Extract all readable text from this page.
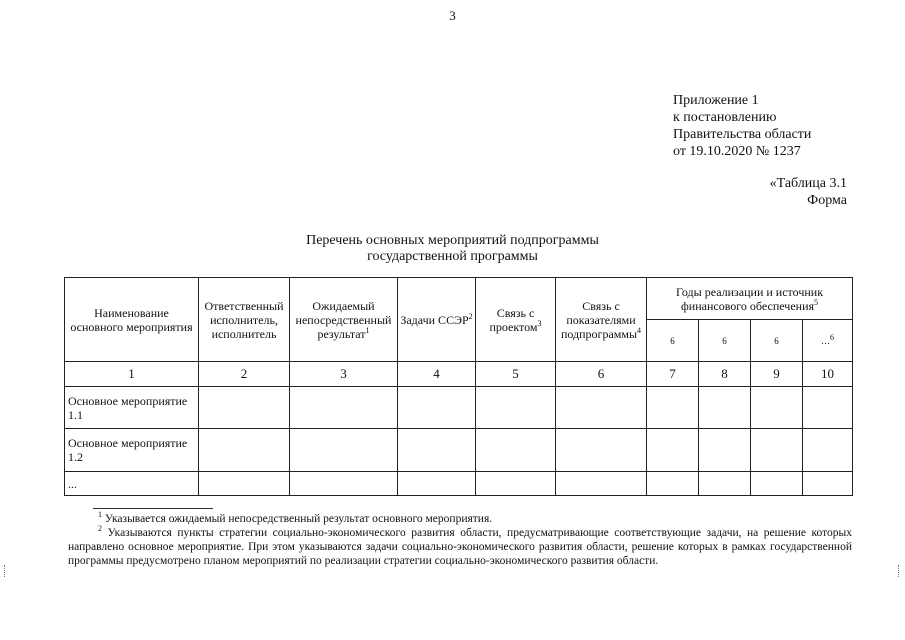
3
Приложение 1
к постановлению
Правительства области
от 19.10.2020 № 1237
«Таблица 3.1
Форма
Перечень основных мероприятий подпрограммы
государственной программы
Наименование основного мероприятия	Ответственный исполнитель, исполнитель	Ожидаемый непосредственный результат$^1$	Задачи ССЭР$^2$	Связь с проектом$^3$	Связь с показателями подпрограммы$^4$	Годы реализации и источник финансового обеспечения$^5$
						6	6	6	…$^6$
1	2	3	4	5	6	7	8	9	10
Основное мероприятие 1.1									
Основное мероприятие 1.2									
...									

$^1$ Указывается ожидаемый непосредственный результат основного мероприятия.

$^2$ Указываются пункты стратегии социально-экономического развития области, предусматривающие соответствующие задачи, на решение которых направлено основное мероприятие. При этом указываются задачи социально-экономического развития области, решение которых в рамках государственной программы предусмотрено планом мероприятий по реализации стратегии социально-экономического развития области.
